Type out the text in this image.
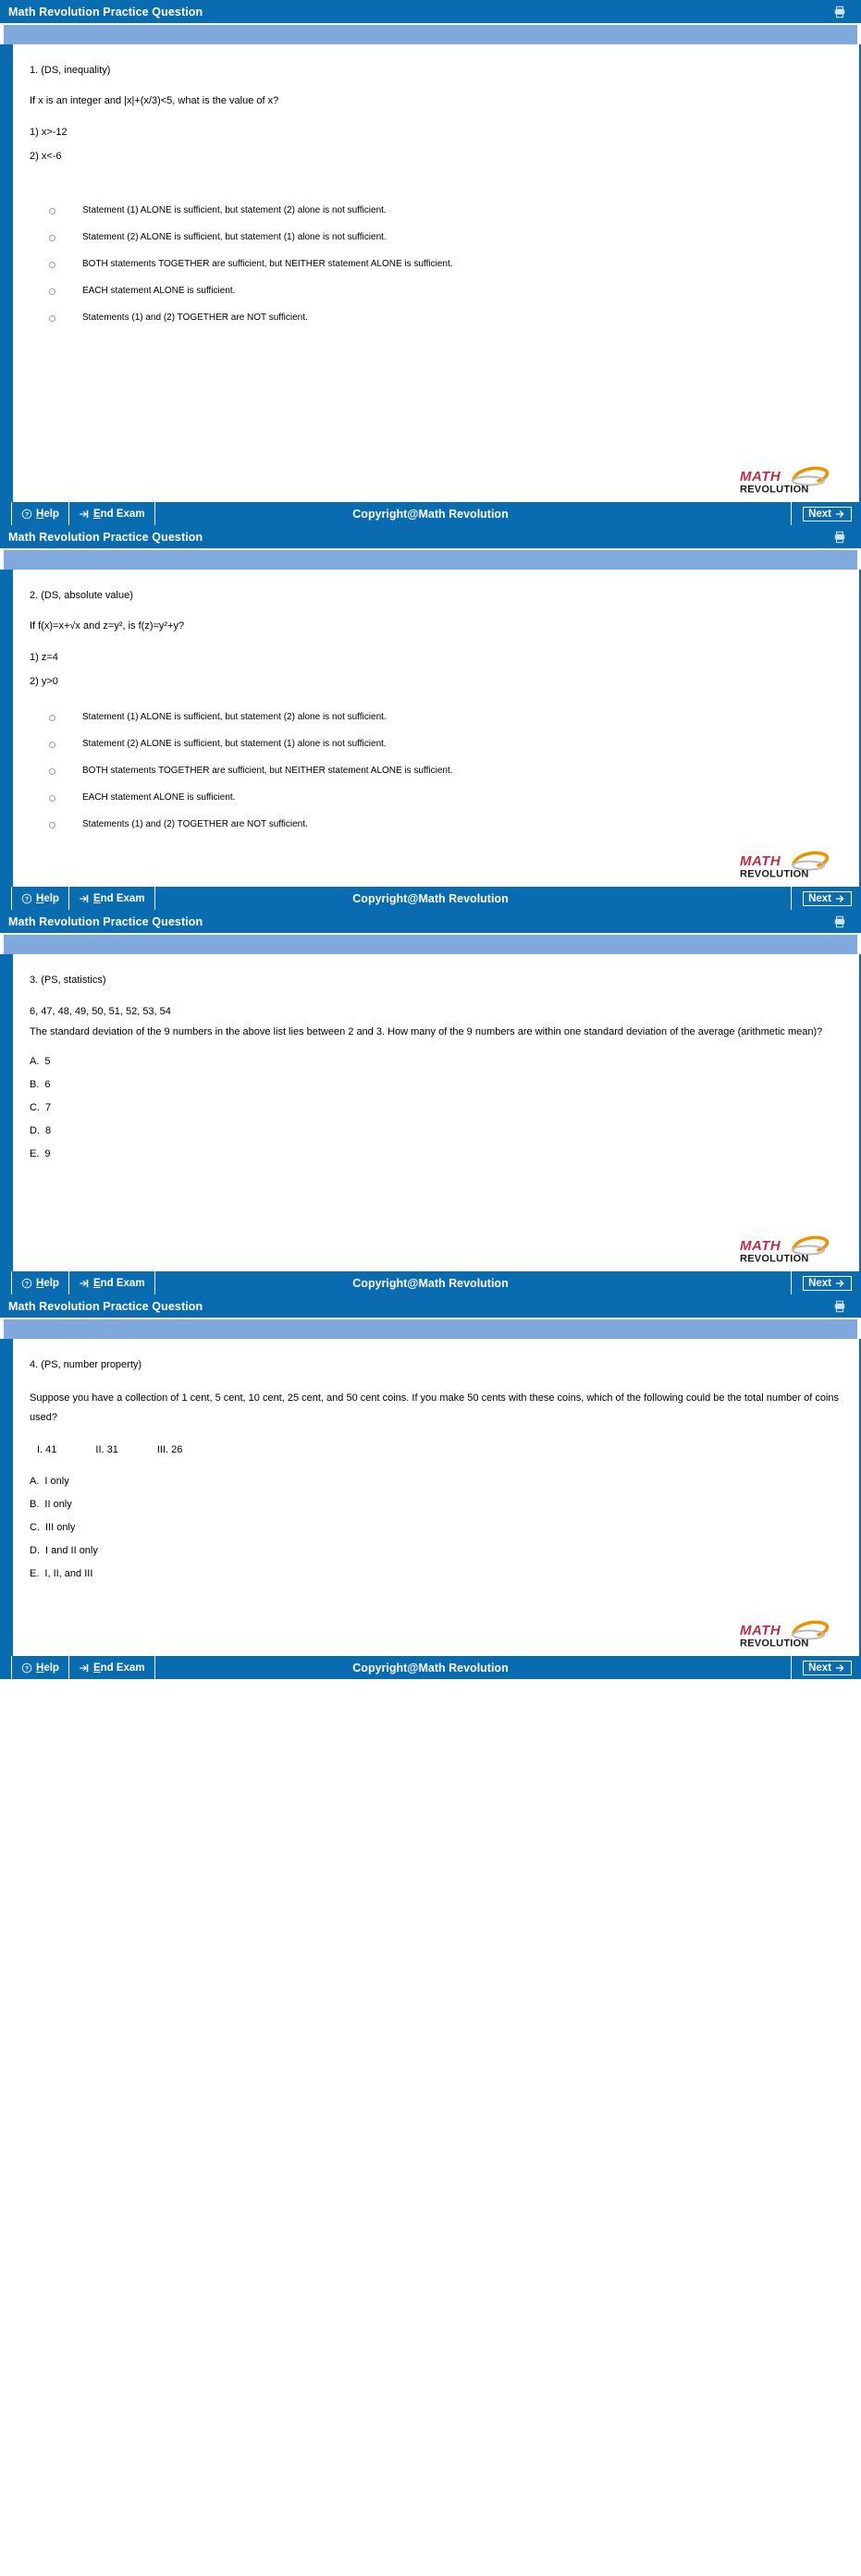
Math Revolution Practice Question
1. (DS, inequality)
If x is an integer and |x|+(x/3)<5, what is the value of x?
1) x>-12
2) x<-6
Statement (1) ALONE is sufficient, but statement (2) alone is not sufficient.
Statement (2) ALONE is sufficient, but statement (1) alone is not sufficient.
BOTH statements TOGETHER are sufficient, but NEITHER statement ALONE is sufficient.
EACH statement ALONE is sufficient.
Statements (1) and (2) TOGETHER are NOT sufficient.
MATH
REVOLUTION
? Help	End Exam	Copyright@Math Revolution	Next
Math Revolution Practice Question
2. (DS, absolute value)
If f(x)=x+√x and z=y², is f(z)=y²+y?
1) z=4
2) y>0
Statement (1) ALONE is sufficient, but statement (2) alone is not sufficient.
Statement (2) ALONE is sufficient, but statement (1) alone is not sufficient.
BOTH statements TOGETHER are sufficient, but NEITHER statement ALONE is sufficient.
EACH statement ALONE is sufficient.
Statements (1) and (2) TOGETHER are NOT sufficient.
MATH
REVOLUTION
? Help	End Exam	Copyright@Math Revolution	Next
Math Revolution Practice Question
3. (PS, statistics)
6, 47, 48, 49, 50, 51, 52, 53, 54
The standard deviation of the 9 numbers in the above list lies between 2 and 3. How many of the 9 numbers are within one standard deviation of the average (arithmetic mean)?
A. 5
B. 6
C. 7
D. 8
E. 9
MATH
REVOLUTION
? Help	End Exam	Copyright@Math Revolution	Next
Math Revolution Practice Question
4. (PS, number property)
Suppose you have a collection of 1 cent, 5 cent, 10 cent, 25 cent, and 50 cent coins. If you make 50 cents with these coins, which of the following could be the total number of coins used?
I. 41	II. 31	III. 26
A. I only
B. II only
C. III only
D. I and II only
E. I, II, and III
MATH
REVOLUTION
? Help	End Exam	Copyright@Math Revolution	Next
